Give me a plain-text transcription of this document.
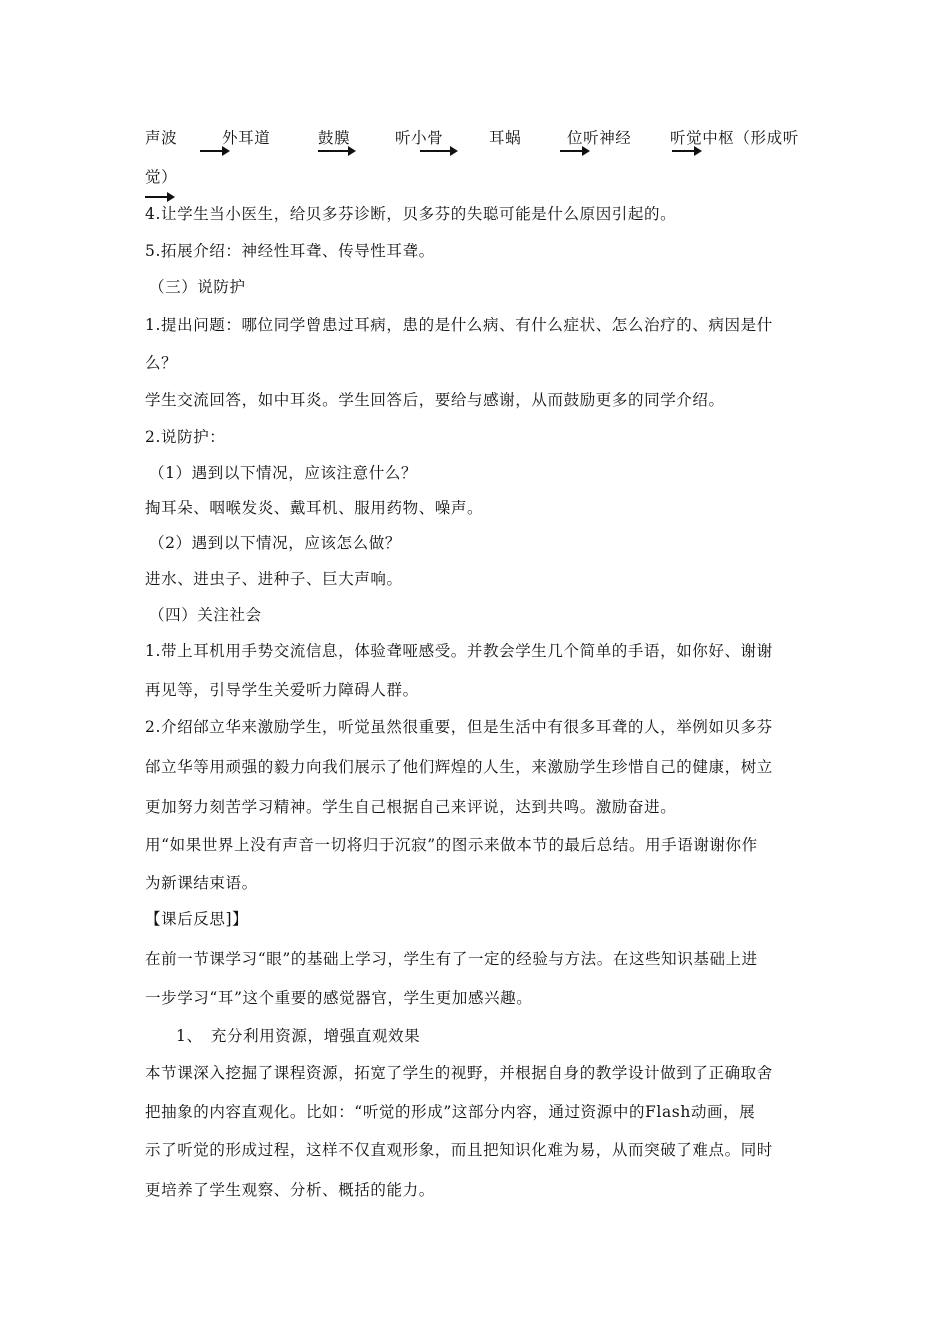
声波	外耳道	鼓膜	听小骨	耳蜗	位听神经 听觉中枢（形成听
觉）
4.让学生当小医生，给贝多芬诊断，贝多芬的失聪可能是什么原因引起的。
5.拓展介绍：神经性耳聋、传导性耳聋。
（三）说防护
1.提出问题：哪位同学曾患过耳病，患的是什么病、有什么症状、怎么治疗的、病因是什
么？
学生交流回答，如中耳炎。学生回答后，要给与感谢，从而鼓励更多的同学介绍。
2.说防护：
（1）遇到以下情况，应该注意什么？
掏耳朵、咽喉发炎、戴耳机、服用药物、噪声。
（2）遇到以下情况，应该怎么做？
进水、进虫子、进种子、巨大声响。
（四）关注社会
1.带上耳机用手势交流信息，体验聋哑感受。并教会学生几个简单的手语，如你好、谢谢
再见等，引导学生关爱听力障碍人群。
2.介绍邰立华来激励学生，听觉虽然很重要，但是生活中有很多耳聋的人，举例如贝多芬
邰立华等用顽强的毅力向我们展示了他们辉煌的人生，来激励学生珍惜自己的健康，树立
更加努力刻苦学习精神。学生自己根据自己来评说，达到共鸣。激励奋进。
用“如果世界上没有声音一切将归于沉寂”的图示来做本节的最后总结。用手语谢谢你作
为新课结束语。
【课后反思]】
在前一节课学习“眼”的基础上学习，学生有了一定的经验与方法。在这些知识基础上进
一步学习“耳”这个重要的感觉器官，学生更加感兴趣。
1、　充分利用资源，增强直观效果
本节课深入挖掘了课程资源，拓宽了学生的视野，并根据自身的教学设计做到了正确取舍
把抽象的内容直观化。比如：“听觉的形成”这部分内容，通过资源中的Flash动画，展
示了听觉的形成过程，这样不仅直观形象，而且把知识化难为易，从而突破了难点。同时
更培养了学生观察、分析、概括的能力。
